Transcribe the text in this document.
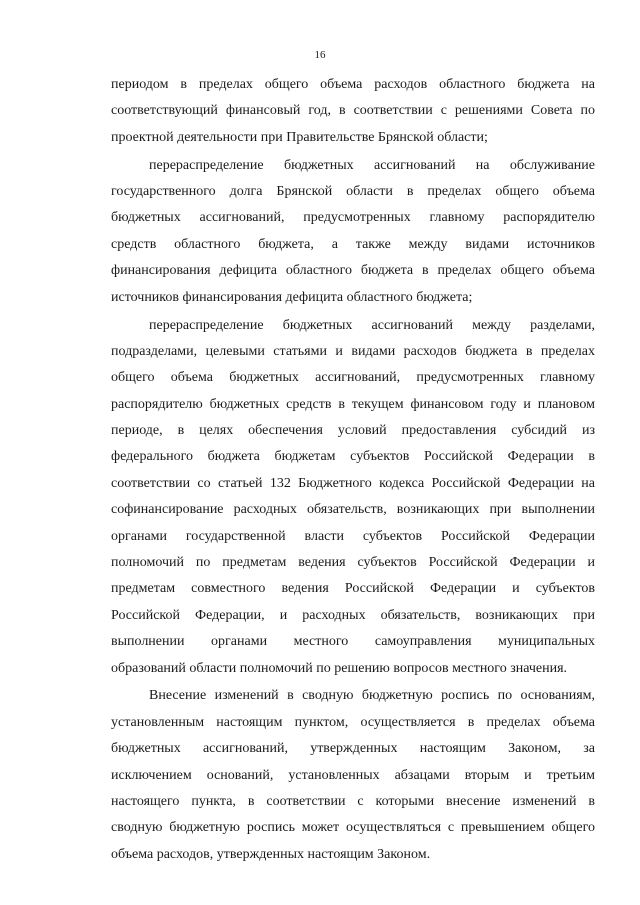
16
периодом в пределах общего объема расходов областного бюджета на
соответствующий финансовый год, в соответствии с решениями Совета по
проектной деятельности при Правительстве Брянской области;
перераспределение бюджетных ассигнований на обслуживание
государственного долга Брянской области в пределах общего объема
бюджетных ассигнований, предусмотренных главному распорядителю
средств областного бюджета, а также между видами источников
финансирования дефицита областного бюджета в пределах общего объема
источников финансирования дефицита областного бюджета;
перераспределение бюджетных ассигнований между разделами,
подразделами, целевыми статьями и видами расходов бюджета в пределах
общего объема бюджетных ассигнований, предусмотренных главному
распорядителю бюджетных средств в текущем финансовом году и плановом
периоде, в целях обеспечения условий предоставления субсидий из
федерального бюджета бюджетам субъектов Российской Федерации в
соответствии со статьей 132 Бюджетного кодекса Российской Федерации на
софинансирование расходных обязательств, возникающих при выполнении
органами государственной власти субъектов Российской Федерации
полномочий по предметам ведения субъектов Российской Федерации и
предметам совместного ведения Российской Федерации и субъектов
Российской Федерации, и расходных обязательств, возникающих при
выполнении органами местного самоуправления муниципальных
образований области полномочий по решению вопросов местного значения.
Внесение изменений в сводную бюджетную роспись по основаниям,
установленным настоящим пунктом, осуществляется в пределах объема
бюджетных ассигнований, утвержденных настоящим Законом, за
исключением оснований, установленных абзацами вторым и третьим
настоящего пункта, в соответствии с которыми внесение изменений в
сводную бюджетную роспись может осуществляться с превышением общего
объема расходов, утвержденных настоящим Законом.
